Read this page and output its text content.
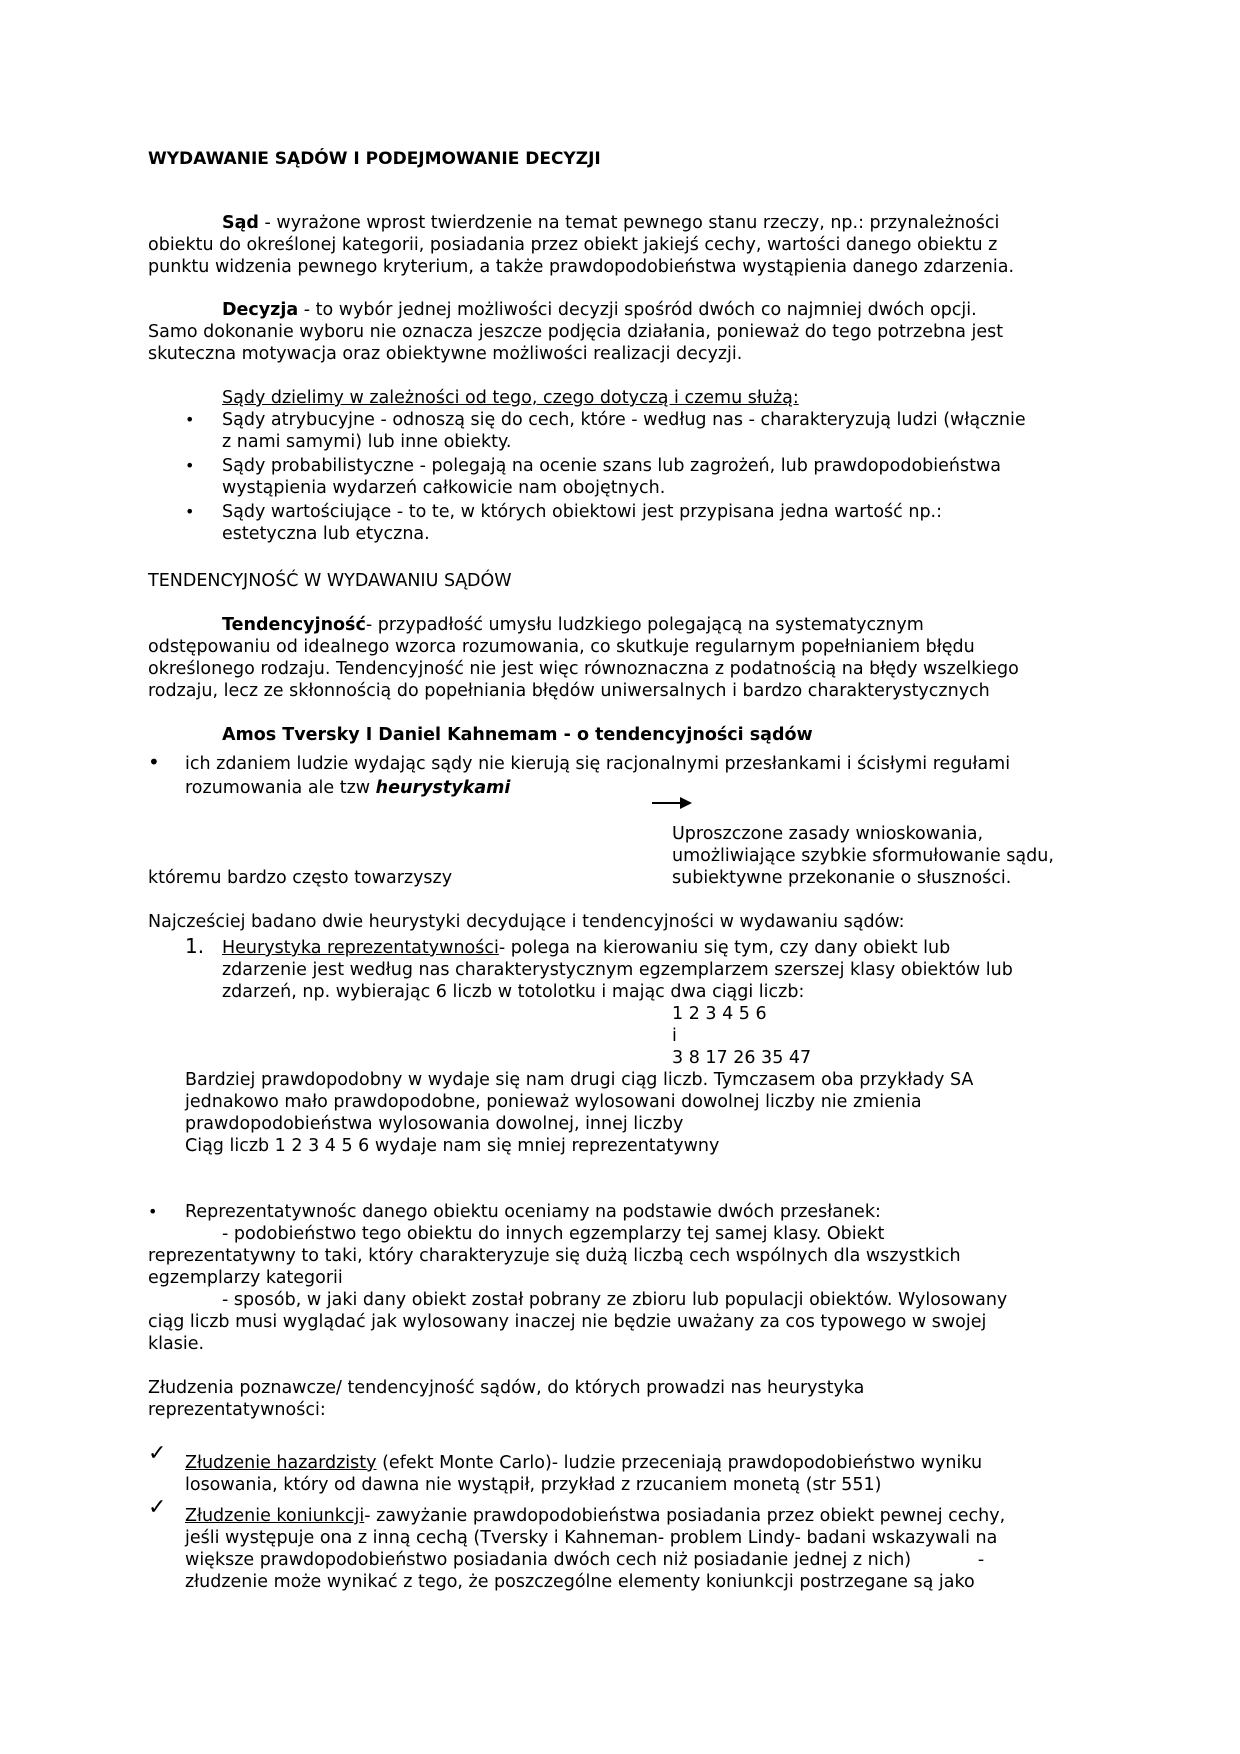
WYDAWANIE SĄDÓW I PODEJMOWANIE DECYZJI
Sąd - wyrażone wprost twierdzenie na temat pewnego stanu rzeczy, np.: przynależności
obiektu do określonej kategorii, posiadania przez obiekt jakiejś cechy, wartości danego obiektu z
punktu widzenia pewnego kryterium, a także prawdopodobieństwa wystąpienia danego zdarzenia.
Decyzja - to wybór jednej możliwości decyzji spośród dwóch co najmniej dwóch opcji.
Samo dokonanie wyboru nie oznacza jeszcze podjęcia działania, ponieważ do tego potrzebna jest
skuteczna motywacja oraz obiektywne możliwości realizacji decyzji.
Sądy dzielimy w zależności od tego, czego dotyczą i czemu służą:
• Sądy atrybucyjne - odnoszą się do cech, które - według nas - charakteryzują ludzi (włącznie
z nami samymi) lub inne obiekty.
• Sądy probabilistyczne - polegają na ocenie szans lub zagrożeń, lub prawdopodobieństwa
wystąpienia wydarzeń całkowicie nam obojętnych.
• Sądy wartościujące - to te, w których obiektowi jest przypisana jedna wartość np.:
estetyczna lub etyczna.
TENDENCYJNOŚĆ W WYDAWANIU SĄDÓW
Tendencyjność- przypadłość umysłu ludzkiego polegającą na systematycznym
odstępowaniu od idealnego wzorca rozumowania, co skutkuje regularnym popełnianiem błędu
określonego rodzaju. Tendencyjność nie jest więc równoznaczna z podatnością na błędy wszelkiego
rodzaju, lecz ze skłonnością do popełniania błędów uniwersalnych i bardzo charakterystycznych
Amos Tversky I Daniel Kahnemam - o tendencyjności sądów
• ich zdaniem ludzie wydając sądy nie kierują się racjonalnymi przesłankami i ścisłymi regułami
rozumowania ale tzw heurystykami
Uproszczone zasady wnioskowania,
umożliwiające szybkie sformułowanie sądu,
subiektywne przekonanie o słuszności.
któremu bardzo często towarzyszy
Najcześciej badano dwie heurystyki decydujące i tendencyjności w wydawaniu sądów:
1. Heurystyka reprezentatywności- polega na kierowaniu się tym, czy dany obiekt lub
zdarzenie jest według nas charakterystycznym egzemplarzem szerszej klasy obiektów lub
zdarzeń, np. wybierając 6 liczb w totolotku i mając dwa ciągi liczb:
1 2 3 4 5 6
i
3 8 17 26 35 47
Bardziej prawdopodobny w wydaje się nam drugi ciąg liczb. Tymczasem oba przykłady SA
jednakowo mało prawdopodobne, ponieważ wylosowani dowolnej liczby nie zmienia
prawdopodobieństwa wylosowania dowolnej, innej liczby
Ciąg liczb 1 2 3 4 5 6 wydaje nam się mniej reprezentatywny
• Reprezentatywnośc danego obiektu oceniamy na podstawie dwóch przesłanek:
- podobieństwo tego obiektu do innych egzemplarzy tej samej klasy. Obiekt
reprezentatywny to taki, który charakteryzuje się dużą liczbą cech wspólnych dla wszystkich
egzemplarzy kategorii
- sposób, w jaki dany obiekt został pobrany ze zbioru lub populacji obiektów. Wylosowany
ciąg liczb musi wyglądać jak wylosowany inaczej nie będzie uważany za cos typowego w swojej
klasie.
Złudzenia poznawcze/ tendencyjność sądów, do których prowadzi nas heurystyka
reprezentatywności:
✓ Złudzenie hazardzisty (efekt Monte Carlo)- ludzie przeceniają prawdopodobieństwo wyniku
losowania, który od dawna nie wystąpił, przykład z rzucaniem monetą (str 551)
✓ Złudzenie koniunkcji- zawyżanie prawdopodobieństwa posiadania przez obiekt pewnej cechy,
jeśli występuje ona z inną cechą (Tversky i Kahneman- problem Lindy- badani wskazywali na
większe prawdopodobieństwo posiadania dwóch cech niż posiadanie jednej z nich)            -
złudzenie może wynikać z tego, że poszczególne elementy koniunkcji postrzegane są jako
